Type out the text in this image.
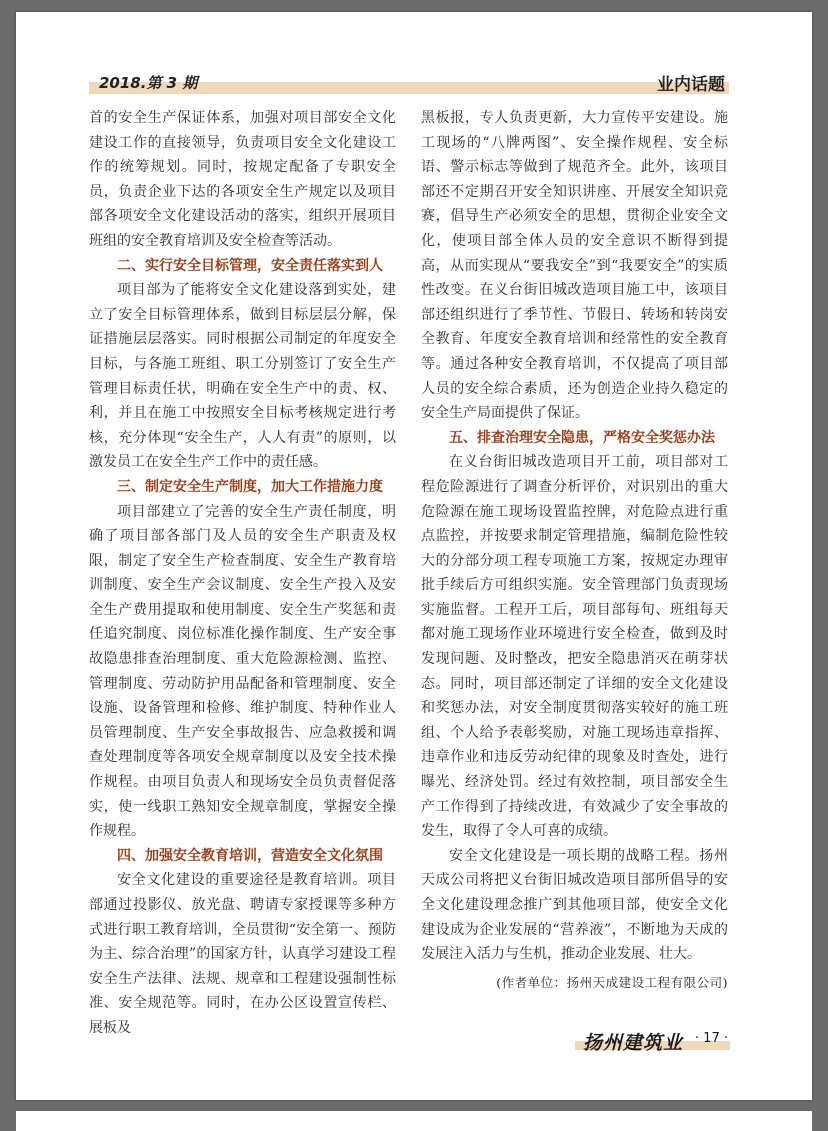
2018.第 3 期	业内话题

首的安全生产保证体系，加强对项目部安全文化建设工作的直接领导，负责项目安全文化建设工作的统筹规划。同时，按规定配备了专职安全员，负责企业下达的各项安全生产规定以及项目部各项安全文化建设活动的落实，组织开展项目班组的安全教育培训及安全检查等活动。

二、实行安全目标管理，安全责任落实到人

项目部为了能将安全文化建设落到实处，建立了安全目标管理体系，做到目标层层分解，保证措施层层落实。同时根据公司制定的年度安全目标，与各施工班组、职工分别签订了安全生产管理目标责任状，明确在安全生产中的责、权、利，并且在施工中按照安全目标考核规定进行考核，充分体现“安全生产，人人有责”的原则，以激发员工在安全生产工作中的责任感。

三、制定安全生产制度，加大工作措施力度

项目部建立了完善的安全生产责任制度，明确了项目部各部门及人员的安全生产职责及权限，制定了安全生产检查制度、安全生产教育培训制度、安全生产会议制度、安全生产投入及安全生产费用提取和使用制度、安全生产奖惩和责任追究制度、岗位标准化操作制度、生产安全事故隐患排查治理制度、重大危险源检测、监控、管理制度、劳动防护用品配备和管理制度、安全设施、设备管理和检修、维护制度、特种作业人员管理制度、生产安全事故报告、应急救援和调查处理制度等各项安全规章制度以及安全技术操作规程。由项目负责人和现场安全员负责督促落实，使一线职工熟知安全规章制度，掌握安全操作规程。

四、加强安全教育培训，营造安全文化氛围

安全文化建设的重要途径是教育培训。项目部通过投影仪、放光盘、聘请专家授课等多种方式进行职工教育培训，全员贯彻“安全第一、预防为主、综合治理”的国家方针，认真学习建设工程安全生产法律、法规、规章和工程建设强制性标准、安全规范等。同时，在办公区设置宣传栏、展板及

黑板报，专人负责更新，大力宣传平安建设。施工现场的“八牌两图”、安全操作规程、安全标语、警示标志等做到了规范齐全。此外，该项目部还不定期召开安全知识讲座、开展安全知识竞赛，倡导生产必须安全的思想，贯彻企业安全文化，使项目部全体人员的安全意识不断得到提高，从而实现从“要我安全”到“我要安全”的实质性改变。在义台街旧城改造项目施工中，该项目部还组织进行了季节性、节假日、转场和转岗安全教育、年度安全教育培训和经常性的安全教育等。通过各种安全教育培训，不仅提高了项目部人员的安全综合素质，还为创造企业持久稳定的安全生产局面提供了保证。

五、排查治理安全隐患，严格安全奖惩办法

在义台街旧城改造项目开工前，项目部对工程危险源进行了调查分析评价，对识别出的重大危险源在施工现场设置监控牌，对危险点进行重点监控，并按要求制定管理措施，编制危险性较大的分部分项工程专项施工方案，按规定办理审批手续后方可组织实施。安全管理部门负责现场实施监督。工程开工后，项目部每旬、班组每天都对施工现场作业环境进行安全检查，做到及时发现问题、及时整改，把安全隐患消灭在萌芽状态。同时，项目部还制定了详细的安全文化建设和奖惩办法，对安全制度贯彻落实较好的施工班组、个人给予表彰奖励，对施工现场违章指挥、违章作业和违反劳动纪律的现象及时查处，进行曝光、经济处罚。经过有效控制，项目部安全生产工作得到了持续改进，有效减少了安全事故的发生，取得了令人可喜的成绩。

安全文化建设是一项长期的战略工程。扬州天成公司将把义台街旧城改造项目部所倡导的安全文化建设理念推广到其他项目部，使安全文化建设成为企业发展的“营养液”，不断地为天成的发展注入活力与生机，推动企业发展、壮大。

(作者单位：扬州天成建设工程有限公司)

扬州建筑业 · 17 ·
